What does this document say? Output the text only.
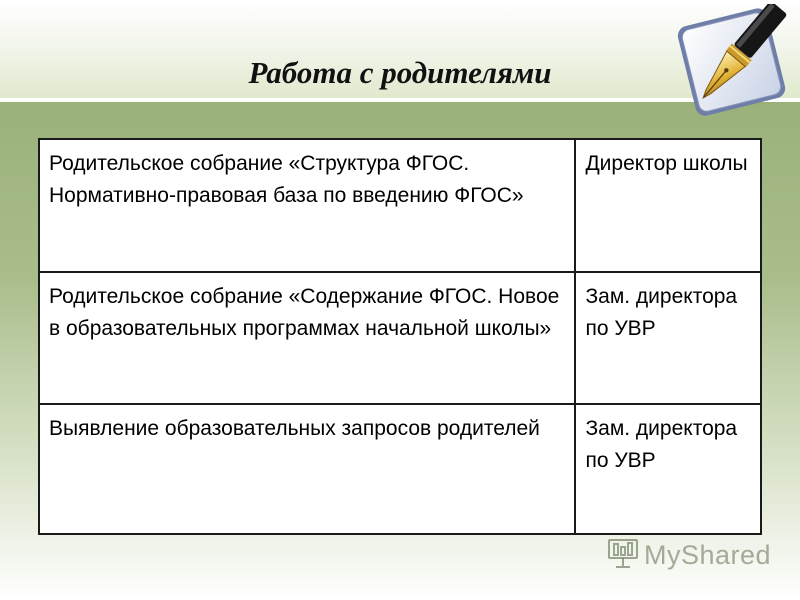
Работа с родителями
Родительское собрание «Структура ФГОС. Нормативно-правовая база по введению ФГОС»	Директор школы
Родительское собрание «Содержание ФГОС. Новое в образовательных программах начальной школы»	Зам. директора по УВР
Выявление образовательных запросов родителей	Зам. директора по УВР
MyShared
